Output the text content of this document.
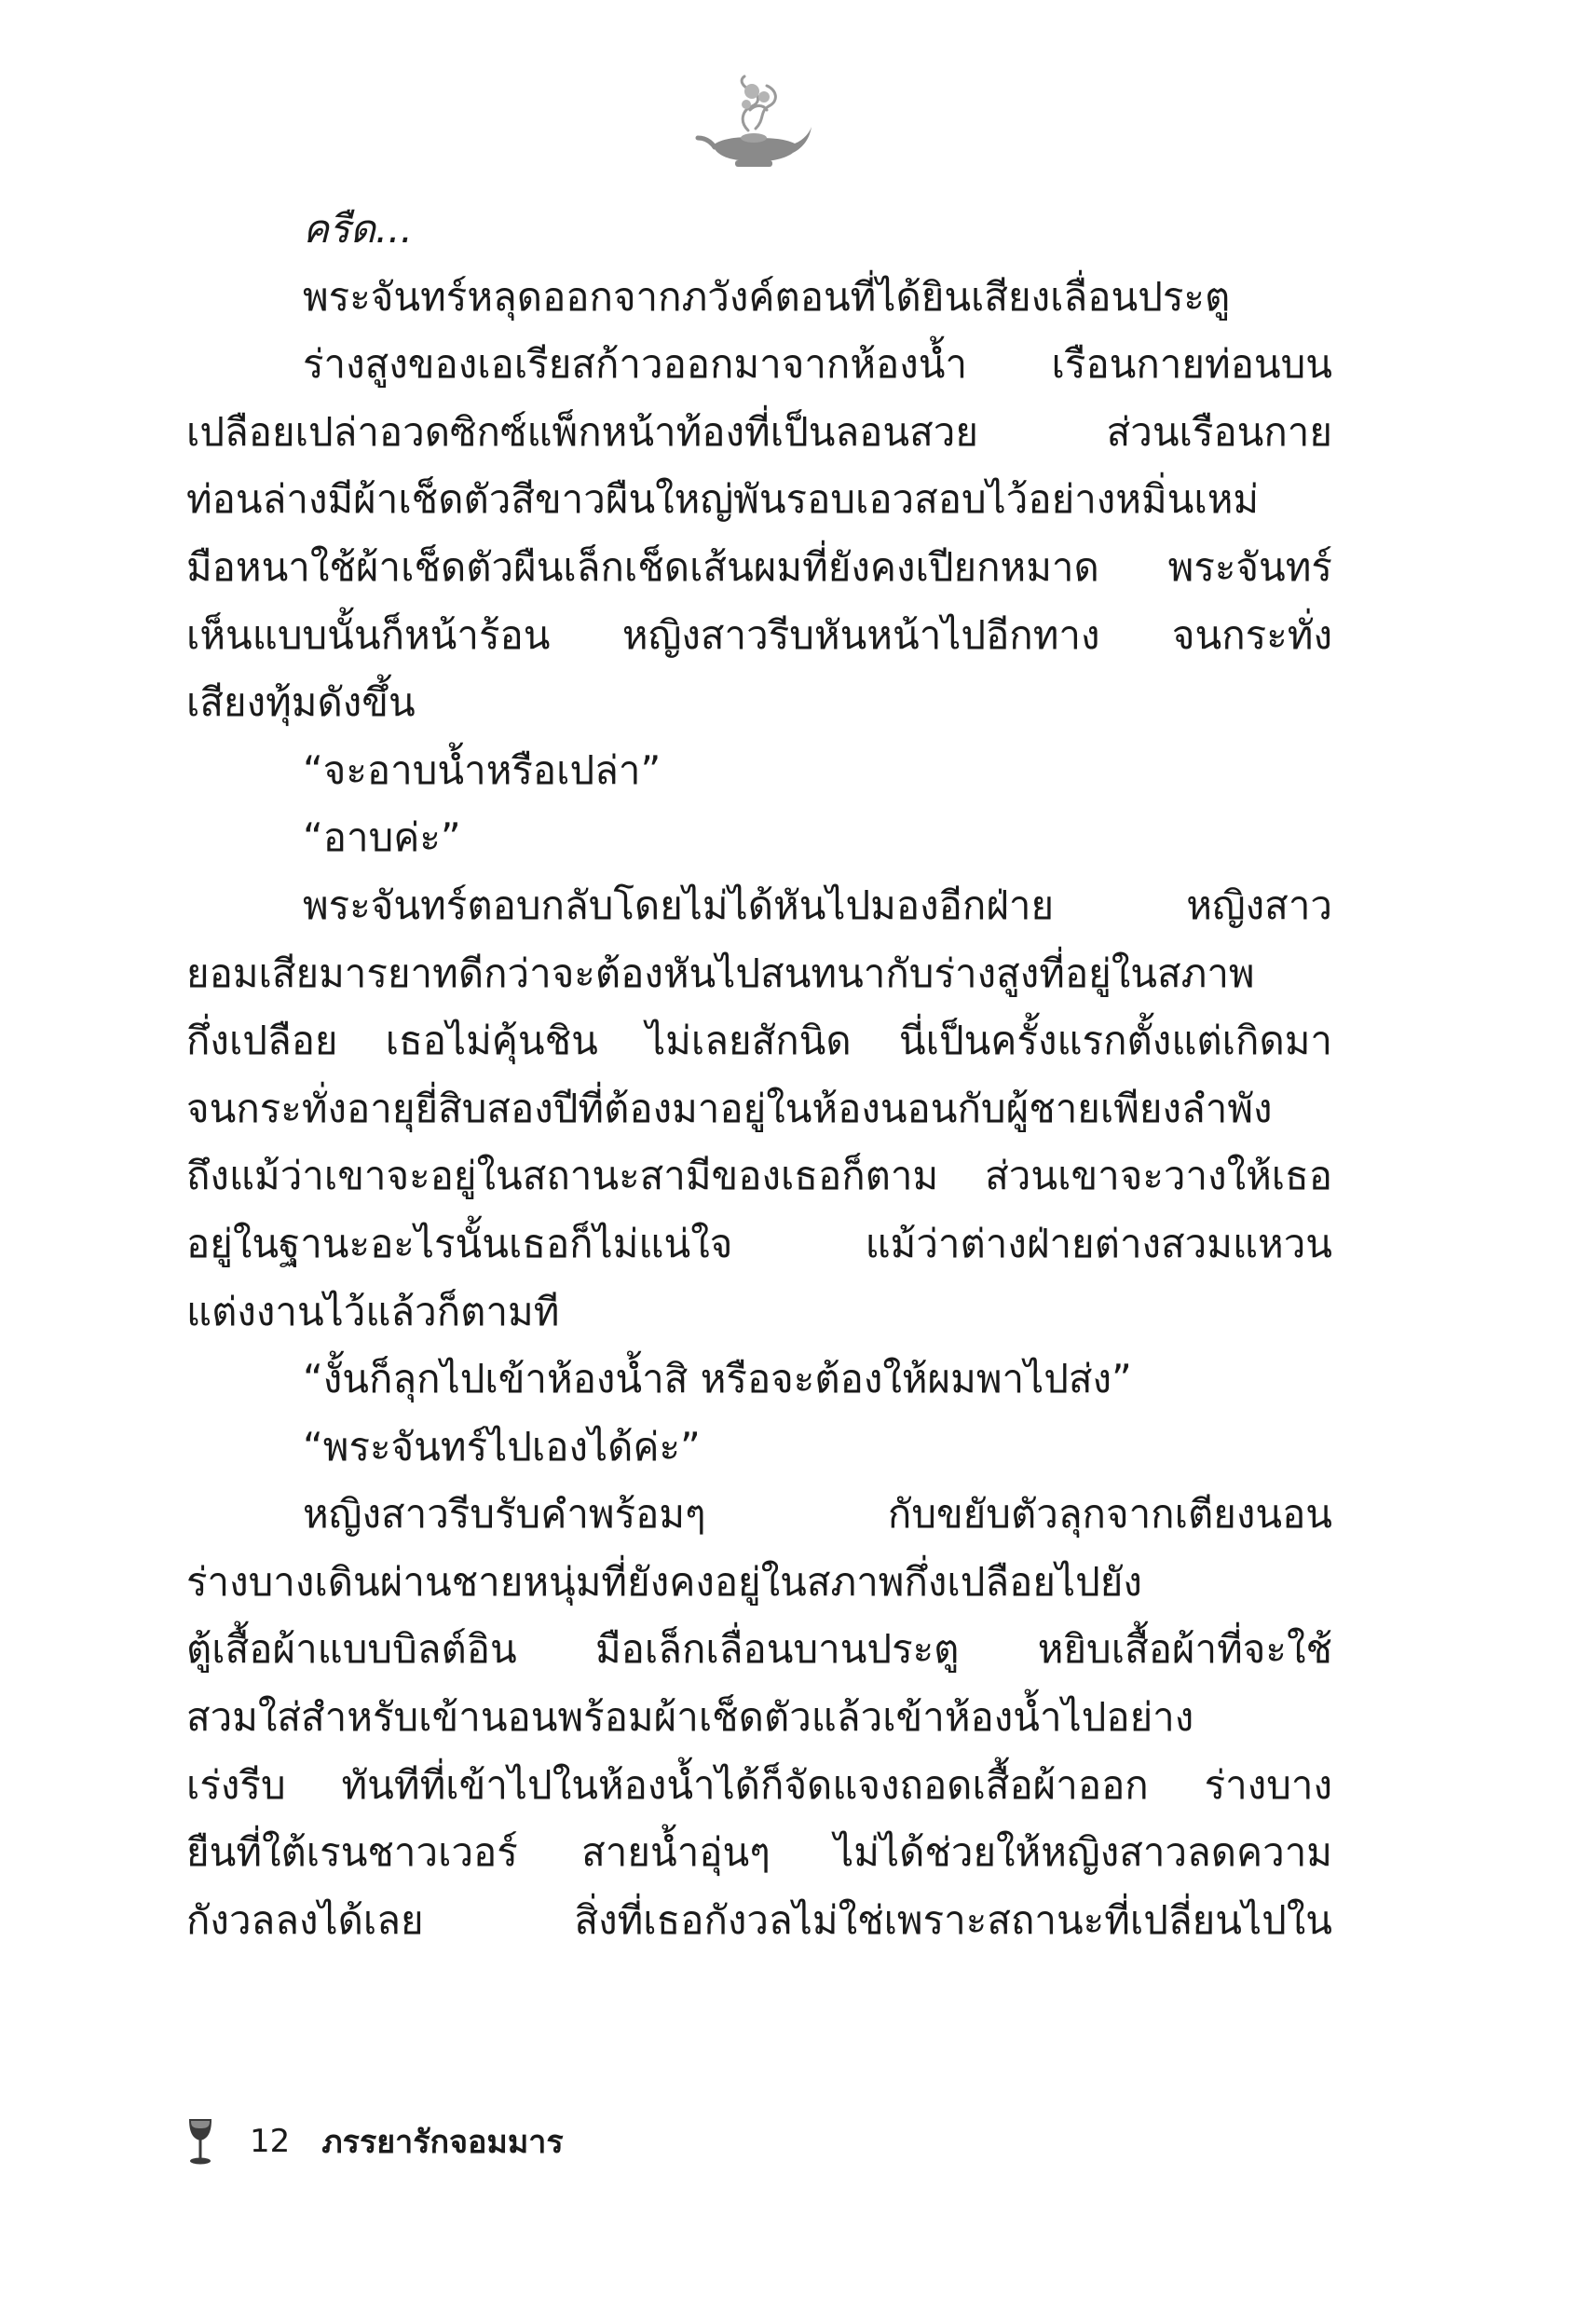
ครืด...
พระจันทร์หลุดออกจากภวังค์ตอนที่ได้ยินเสียงเลื่อนประตู
ร่างสูงของเอเรียสก้าวออกมาจากห้องน้ำ เรือนกายท่อนบน
เปลือยเปล่าอวดซิกซ์แพ็กหน้าท้องที่เป็นลอนสวย ส่วนเรือนกาย
ท่อนล่างมีผ้าเช็ดตัวสีขาวผืนใหญ่พันรอบเอวสอบไว้อย่างหมิ่นเหม่
มือหนาใช้ผ้าเช็ดตัวผืนเล็กเช็ดเส้นผมที่ยังคงเปียกหมาด พระจันทร์
เห็นแบบนั้นก็หน้าร้อน หญิงสาวรีบหันหน้าไปอีกทาง จนกระทั่ง
เสียงทุ้มดังขึ้น
“จะอาบน้ำหรือเปล่า”
“อาบค่ะ”
พระจันทร์ตอบกลับโดยไม่ได้หันไปมองอีกฝ่าย หญิงสาว
ยอมเสียมารยาทดีกว่าจะต้องหันไปสนทนากับร่างสูงที่อยู่ในสภาพ
กึ่งเปลือย เธอไม่คุ้นชิน ไม่เลยสักนิด นี่เป็นครั้งแรกตั้งแต่เกิดมา
จนกระทั่งอายุยี่สิบสองปีที่ต้องมาอยู่ในห้องนอนกับผู้ชายเพียงลำพัง
ถึงแม้ว่าเขาจะอยู่ในสถานะสามีของเธอก็ตาม ส่วนเขาจะวางให้เธอ
อยู่ในฐานะอะไรนั้นเธอก็ไม่แน่ใจ แม้ว่าต่างฝ่ายต่างสวมแหวน
แต่งงานไว้แล้วก็ตามที
“งั้นก็ลุกไปเข้าห้องน้ำสิ หรือจะต้องให้ผมพาไปส่ง”
“พระจันทร์ไปเองได้ค่ะ”
หญิงสาวรีบรับคำพร้อมๆ กับขยับตัวลุกจากเตียงนอน
ร่างบางเดินผ่านชายหนุ่มที่ยังคงอยู่ในสภาพกึ่งเปลือยไปยัง
ตู้เสื้อผ้าแบบบิลต์อิน มือเล็กเลื่อนบานประตู หยิบเสื้อผ้าที่จะใช้
สวมใส่สำหรับเข้านอนพร้อมผ้าเช็ดตัวแล้วเข้าห้องน้ำไปอย่าง
เร่งรีบ ทันทีที่เข้าไปในห้องน้ำได้ก็จัดแจงถอดเสื้อผ้าออก ร่างบาง
ยืนที่ใต้เรนชาวเวอร์ สายน้ำอุ่นๆ ไม่ได้ช่วยให้หญิงสาวลดความ
กังวลลงได้เลย สิ่งที่เธอกังวลไม่ใช่เพราะสถานะที่เปลี่ยนไปใน
12 ภรรยารักจอมมาร
